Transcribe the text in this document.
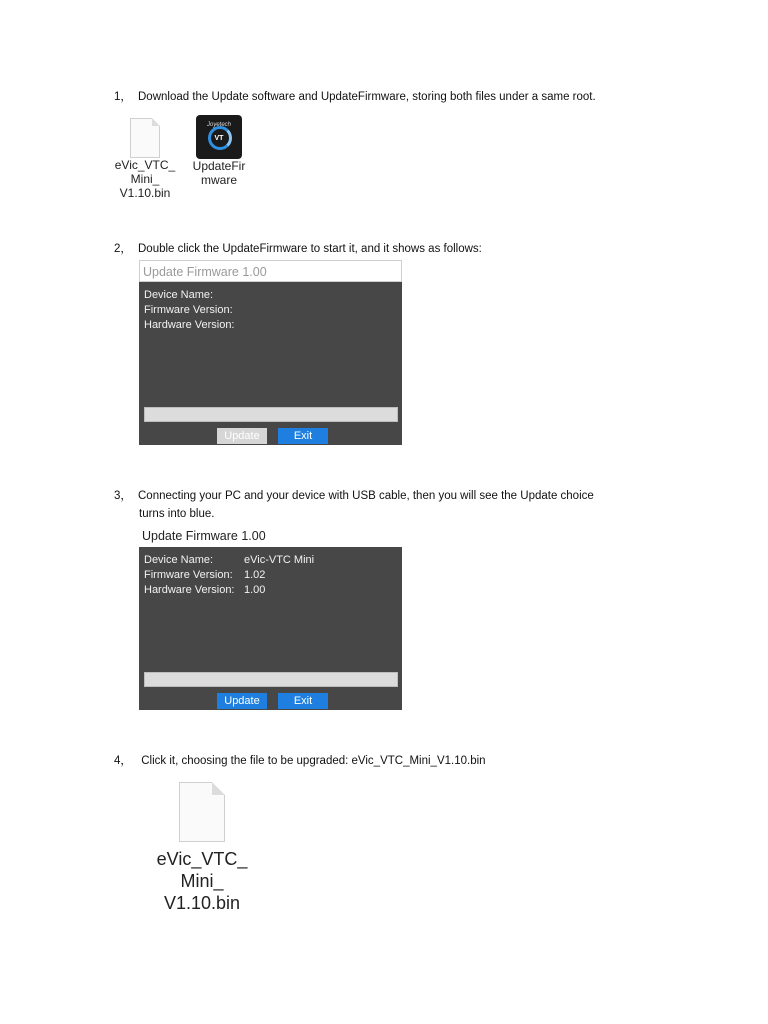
1， Download the Update software and UpdateFirmware, storing both files under a same root.
eVic_VTC_
Mini_
V1.10.bin
Joyetech
VT
UpdateFir
mware
2， Double click the UpdateFirmware to start it, and it shows as follows:
Update Firmware 1.00
Device Name:
Firmware Version:
Hardware Version:
Update	Exit
3， Connecting your PC and your device with USB cable, then you will see the Update choice
turns into blue.
Update Firmware 1.00
Device Name:	eVic-VTC Mini
Firmware Version: 1.02
Hardware Version: 1.00
Update	Exit
4， Click it, choosing the file to be upgraded: eVic_VTC_Mini_V1.10.bin
eVic_VTC_
Mini_
V1.10.bin
